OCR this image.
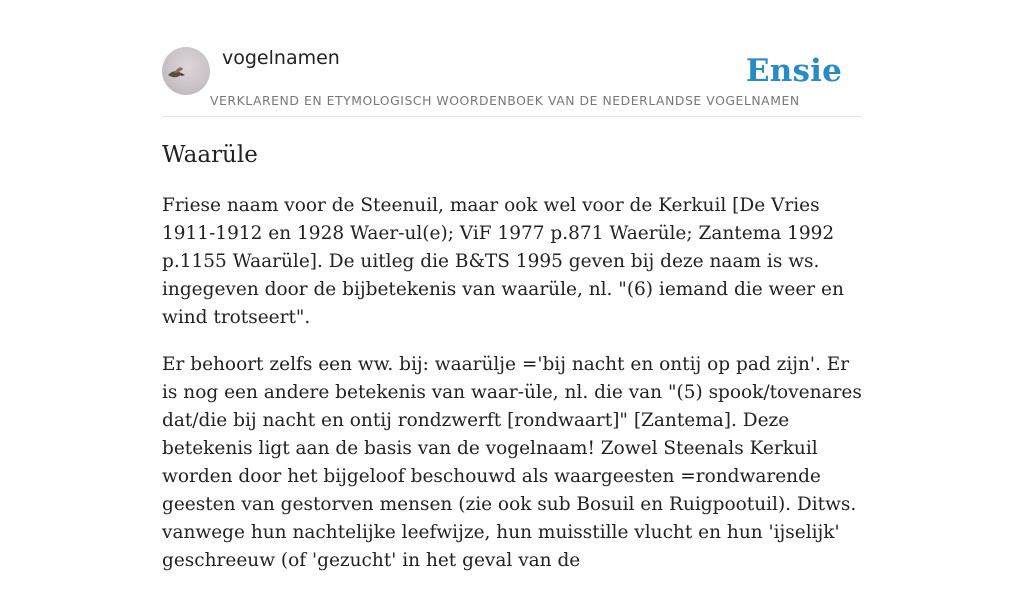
vogelnamen	Ensie
VERKLAREND EN ETYMOLOGISCH WOORDENBOEK VAN DE NEDERLANDSE VOGELNAMEN
Waarüle

Friese naam voor de Steenuil, maar ook wel voor de Kerkuil [De Vries 1911-1912 en 1928 Waer-ul(e); ViF 1977 p.871 Waerüle; Zantema 1992 p.1155 Waarüle]. De uitleg die B&TS 1995 geven bij deze naam is ws. ingegeven door de bijbetekenis van waarüle, nl. "(6) iemand die weer en wind trotseert".

Er behoort zelfs een ww. bij: waarülje ='bij nacht en ontij op pad zijn'. Er is nog een andere betekenis van waar-üle, nl. die van "(5) spook/tovenares dat/die bij nacht en ontij rondzwerft [rondwaart]" [Zantema]. Deze betekenis ligt aan de basis van de vogelnaam! Zowel Steenals Kerkuil worden door het bijgeloof beschouwd als waargeesten =rondwarende geesten van gestorven mensen (zie ook sub Bosuil en Ruigpootuil). Ditws. vanwege hun nachtelijke leefwijze, hun muisstille vlucht en hun 'ijselijk' geschreeuw (of 'gezucht' in het geval van de
